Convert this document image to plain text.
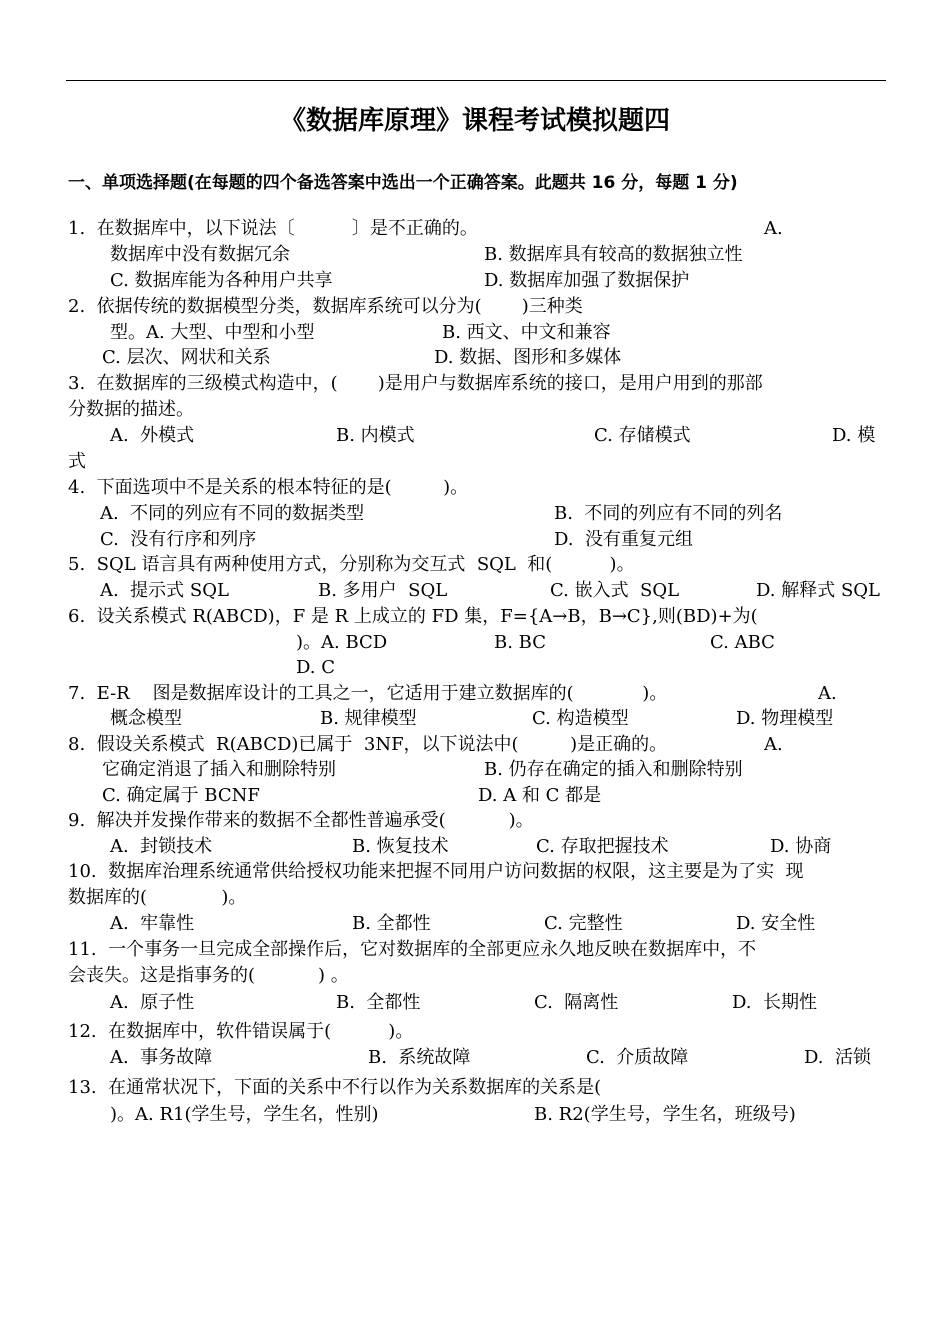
《数据库原理》课程考试模拟题四
一、单项选择题(在每题的四个备选答案中选出一个正确答案。此题共 16 分，每题 1 分)
1.  在数据库中，以下说法〔          〕是不正确的。	A.
数据库中没有数据冗余	B. 数据库具有较高的数据独立性
C. 数据库能为各种用户共享	D. 数据库加强了数据保护
2.  依据传统的数据模型分类，数据库系统可以分为(       )三种类
型。A. 大型、中型和小型	B. 西文、中文和兼容
C. 层次、网状和关系	D. 数据、图形和多媒体
3.  在数据库的三级模式构造中，(       )是用户与数据库系统的接口，是用户用到的那部
分数据的描述。
A.  外模式	B. 内模式	C. 存储模式	D. 模
式
4.  下面选项中不是关系的根本特征的是(         )。
A.  不同的列应有不同的数据类型	B.  不同的列应有不同的列名
C.  没有行序和列序	D.  没有重复元组
5.  SQL 语言具有两种使用方式，分别称为交互式  SQL  和(          )。
A.  提示式 SQL	B. 多用户  SQL	C. 嵌入式  SQL	D. 解释式 SQL
6.  设关系模式 R(ABCD)，F 是 R 上成立的 FD 集，F={A→B，B→C},则(BD)+为(
)。A. BCD	B. BC	C. ABC
D. C
7.  E-R    图是数据库设计的工具之一，它适用于建立数据库的(            )。	A.
概念模型	B. 规律模型	C. 构造模型	D. 物理模型
8.  假设关系模式  R(ABCD)已属于  3NF，以下说法中(         )是正确的。	A.
它确定消退了插入和删除特别	B. 仍存在确定的插入和删除特别
C. 确定属于 BCNF	D. A 和 C 都是
9.  解决并发操作带来的数据不全都性普遍承受(           )。
A.  封锁技术	B. 恢复技术	C. 存取把握技术	D. 协商
10.  数据库治理系统通常供给授权功能来把握不同用户访问数据的权限，这主要是为了实  现
数据库的(             )。
A.  牢靠性	B. 全都性	C. 完整性	D. 安全性
11.  一个事务一旦完成全部操作后，它对数据库的全部更应永久地反映在数据库中，不
会丧失。这是指事务的(           ) 。
A.  原子性	B.  全都性	C.  隔离性	D.  长期性
12.  在数据库中，软件错误属于(          )。
A.  事务故障	B.  系统故障	C.  介质故障	D.  活锁
13.  在通常状况下，下面的关系中不行以作为关系数据库的关系是(
)。A. R1(学生号，学生名，性别)	B. R2(学生号，学生名，班级号)
